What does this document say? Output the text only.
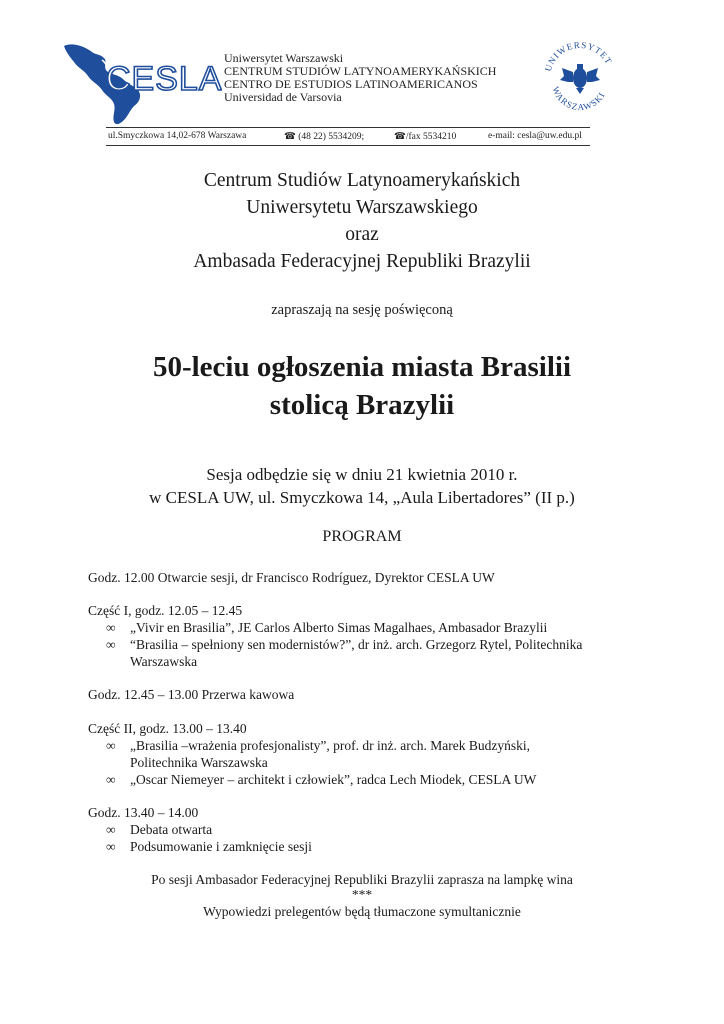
CESLA
Uniwersytet Warszawski
CENTRUM STUDIÓW LATYNOAMERYKAŃSKICH
CENTRO DE ESTUDIOS LATINOAMERICANOS
Universidad de Varsovia
UNIWERSYTET
WARSZAWSKI
ul.Smyczkowa 14,02-678 Warszawa	☎ (48 22) 5534209;	☎/fax 5534210	e-mail: cesla@uw.edu.pl
Centrum Studiów Latynoamerykańskich
Uniwersytetu Warszawskiego
oraz
Ambasada Federacyjnej Republiki Brazylii
zapraszają na sesję poświęconą
50-leciu ogłoszenia miasta Brasilii
stolicą Brazylii
Sesja odbędzie się w dniu 21 kwietnia 2010 r.
w CESLA UW, ul. Smyczkowa 14, „Aula Libertadores” (II p.)
PROGRAM
Godz. 12.00 Otwarcie sesji, dr Francisco Rodríguez, Dyrektor CESLA UW
Część I, godz. 12.05 – 12.45
∞ „Vivir en Brasilia”, JE Carlos Alberto Simas Magalhaes, Ambasador Brazylii
∞ “Brasilia – spełniony sen modernistów?”, dr inż. arch. Grzegorz Rytel, Politechnika Warszawska
Godz. 12.45 – 13.00 Przerwa kawowa
Część II, godz. 13.00 – 13.40
∞ „Brasilia –wrażenia profesjonalisty”, prof. dr inż. arch. Marek Budzyński, Politechnika Warszawska
∞ „Oscar Niemeyer – architekt i człowiek”, radca Lech Miodek, CESLA UW
Godz. 13.40 – 14.00
∞ Debata otwarta
∞ Podsumowanie i zamknięcie sesji
Po sesji Ambasador Federacyjnej Republiki Brazylii zaprasza na lampkę wina
***
Wypowiedzi prelegentów będą tłumaczone symultanicznie
